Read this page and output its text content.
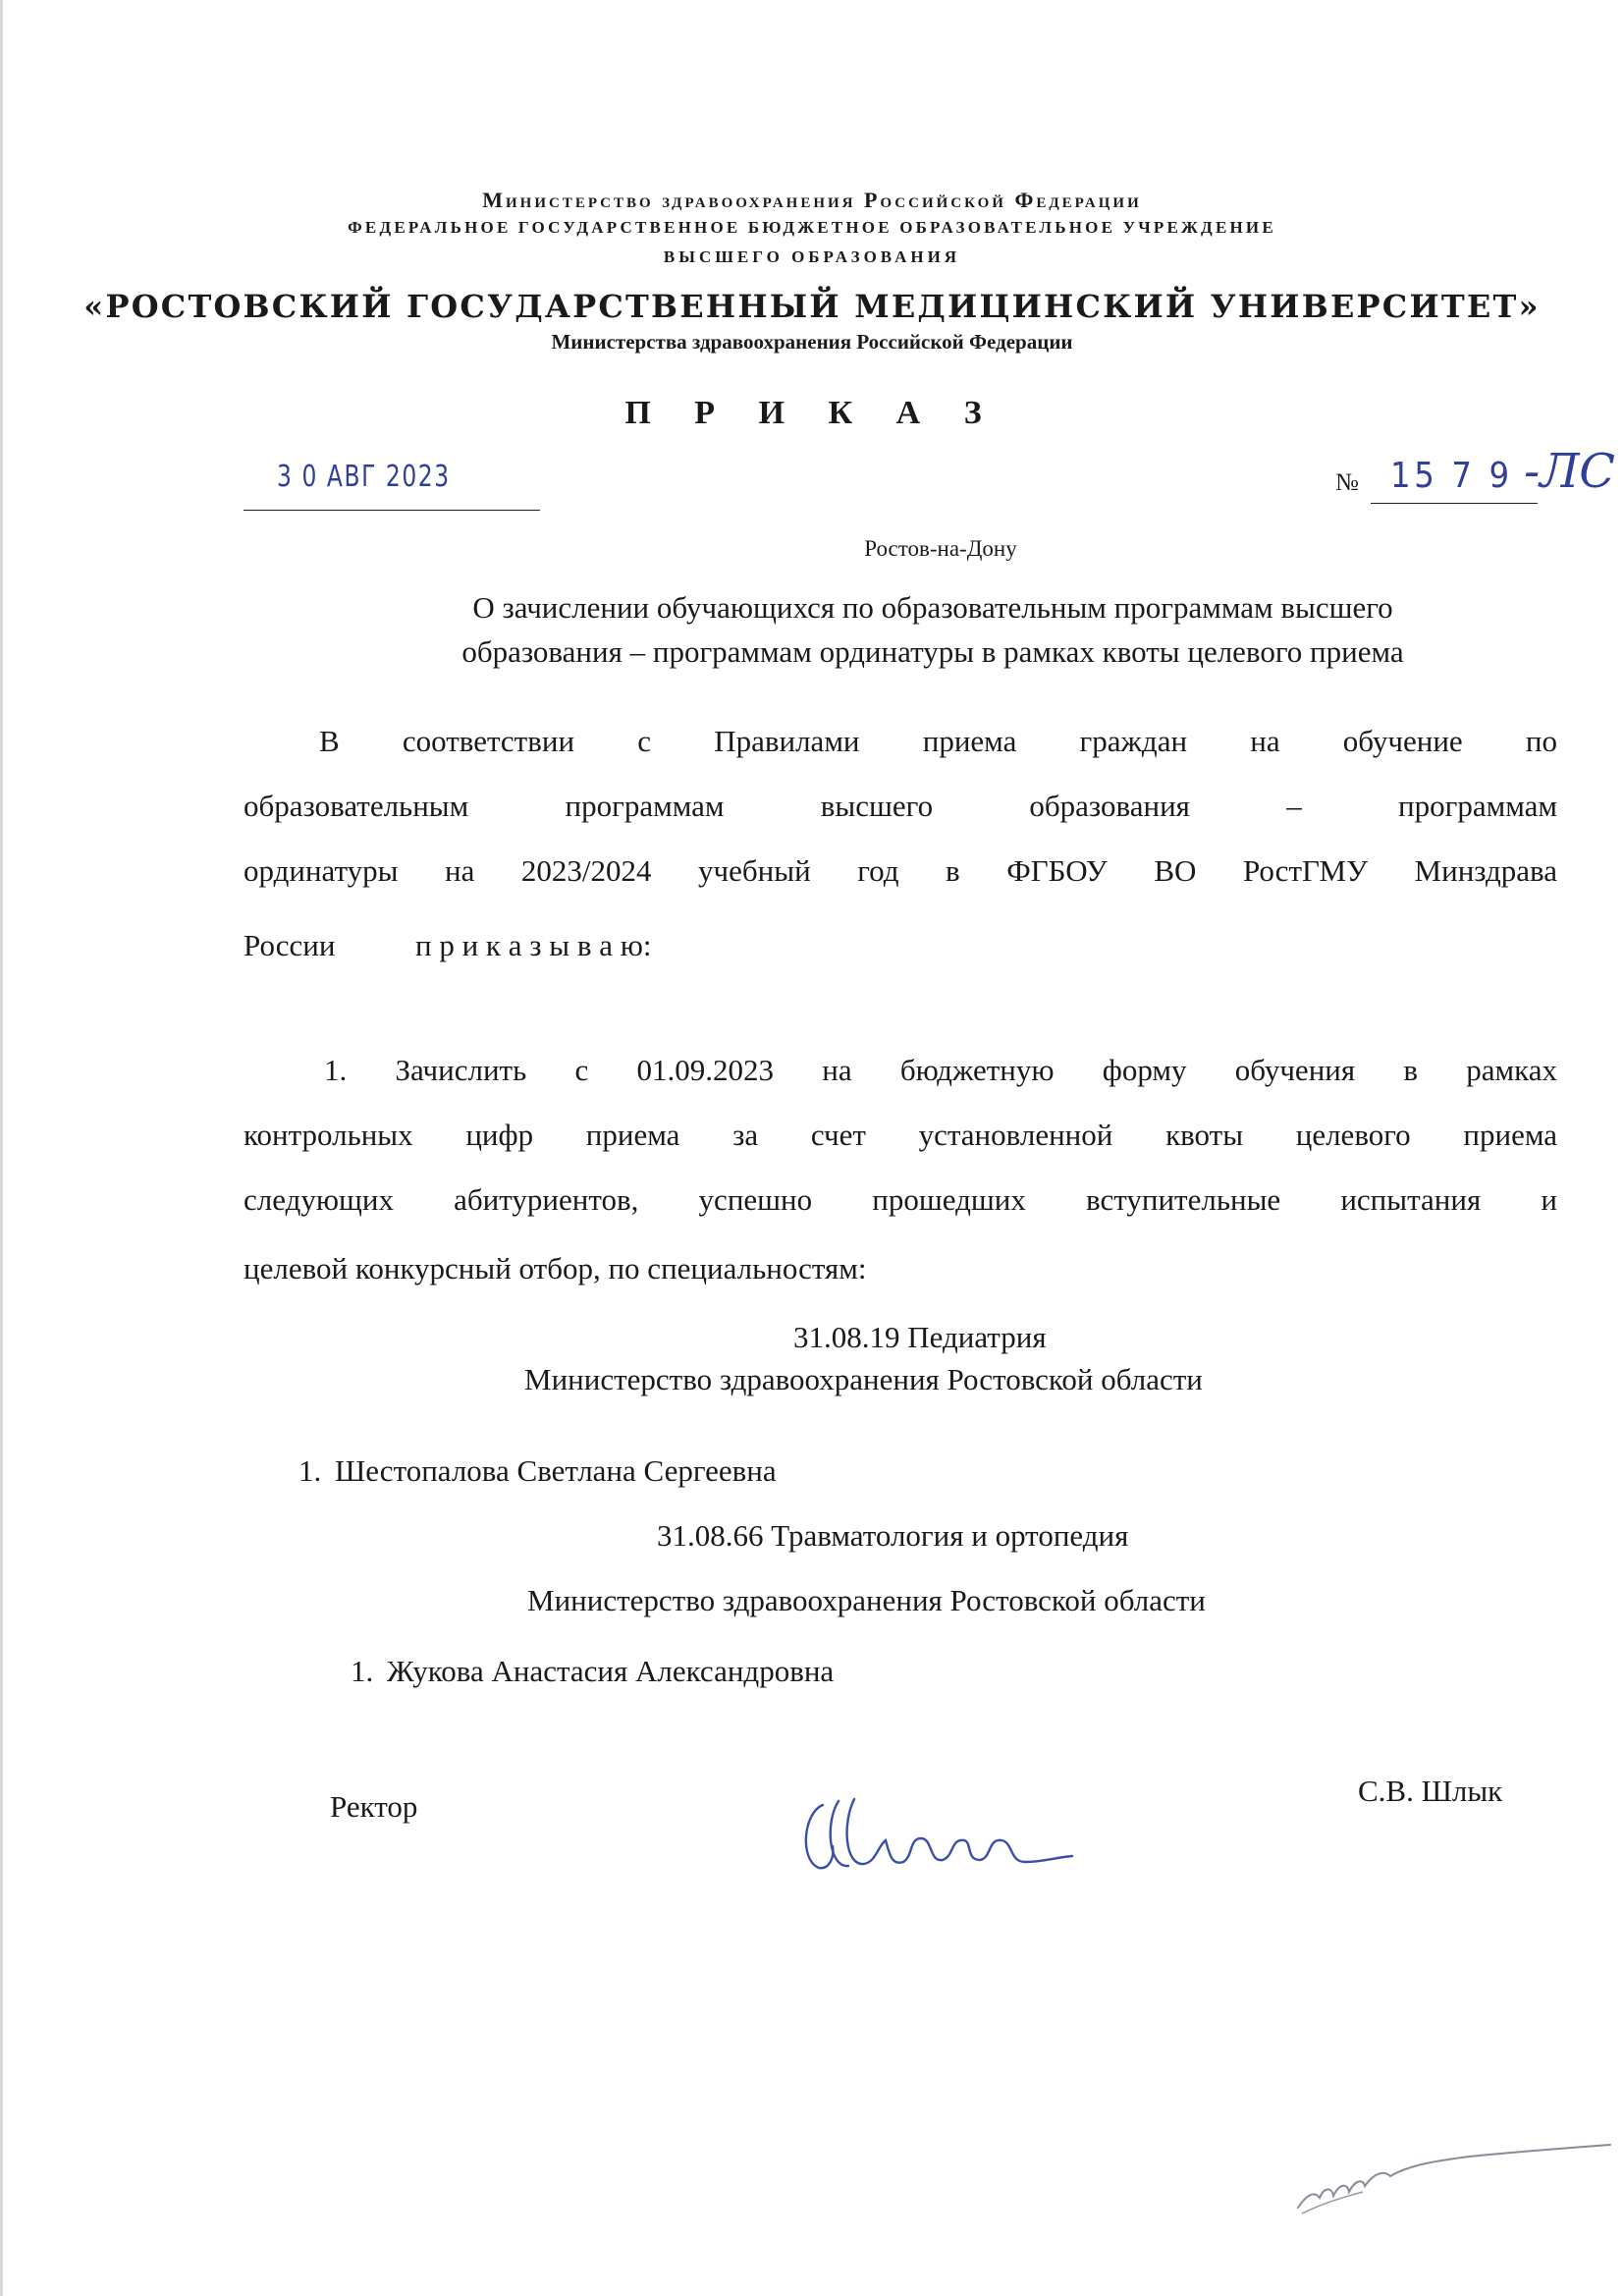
Министерство здравоохранения Российской Федерации
ФЕДЕРАЛЬНОЕ ГОСУДАРСТВЕННОЕ БЮДЖЕТНОЕ ОБРАЗОВАТЕЛЬНОЕ УЧРЕЖДЕНИЕ
ВЫСШЕГО ОБРАЗОВАНИЯ
«РОСТОВСКИЙ ГОСУДАРСТВЕННЫЙ МЕДИЦИНСКИЙ УНИВЕРСИТЕТ»
Министерства здравоохранения Российской Федерации
П Р И К А З
3 0 АВГ 2023	№ 15 7 9 -ЛС
Ростов-на-Дону
О зачислении обучающихся по образовательным программам высшего
образования – программам ординатуры в рамках квоты целевого приема
В соответствии с Правилами приема граждан на обучение по
образовательным программам высшего образования – программам
ординатуры на 2023/2024 учебный год в ФГБОУ ВО РостГМУ Минздрава
России	п р и к а з ы в а ю:
1. Зачислить с 01.09.2023 на бюджетную форму обучения в рамках
контрольных цифр приема за счет установленной квоты целевого приема
следующих абитуриентов, успешно прошедших вступительные испытания и
целевой конкурсный отбор, по специальностям:
31.08.19 Педиатрия
Министерство здравоохранения Ростовской области
1. Шестопалова Светлана Сергеевна
31.08.66 Травматология и ортопедия
Министерство здравоохранения Ростовской области
1. Жукова Анастасия Александровна
Ректор	С.В. Шлык
